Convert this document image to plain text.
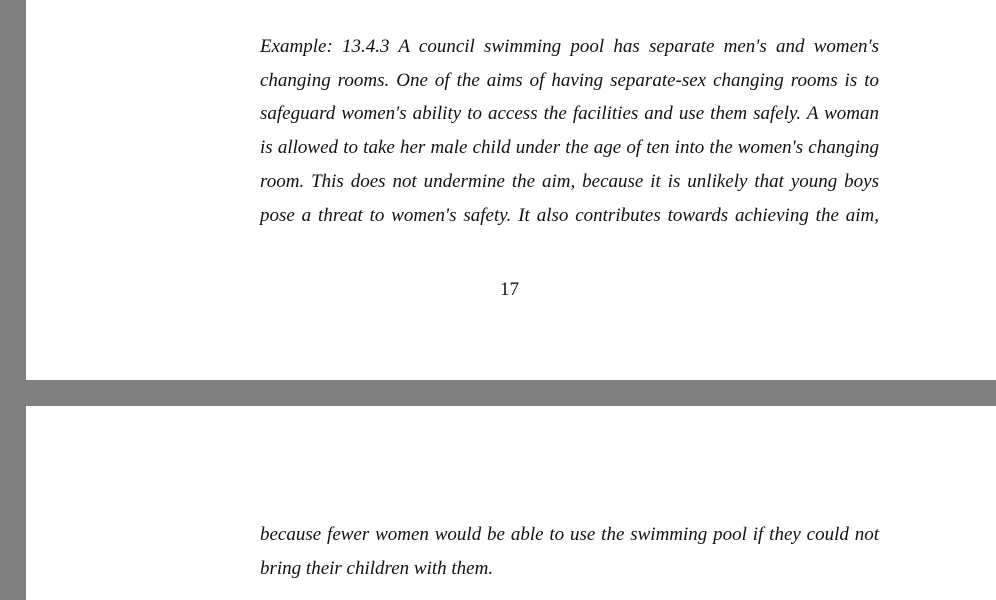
Example: 13.4.3 A council swimming pool has separate men's and women's
changing rooms. One of the aims of having separate-sex changing rooms is to
safeguard women's ability to access the facilities and use them safely. A woman
is allowed to take her male child under the age of ten into the women's changing
room. This does not undermine the aim, because it is unlikely that young boys
pose a threat to women's safety. It also contributes towards achieving the aim,
17
because fewer women would be able to use the swimming pool if they could not
bring their children with them.
